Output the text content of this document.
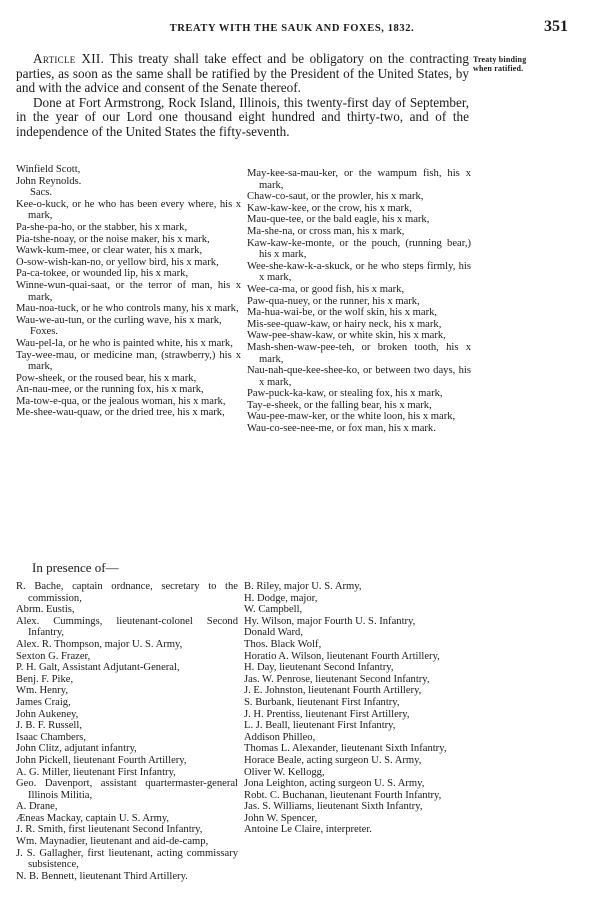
TREATY WITH THE SAUK AND FOXES, 1832.	351
Treaty binding
when ratified.

Article XII. This treaty shall take effect and be obligatory on the contracting parties, as soon as the same shall be ratified by the President of the United States, by and with the advice and consent of the Senate thereof.

Done at Fort Armstrong, Rock Island, Illinois, this twenty-first day of September, in the year of our Lord one thousand eight hundred and thirty-two, and of the independence of the United States the fifty-seventh.

Winfield Scott,
John Reynolds.
Sacs.
Kee-o-kuck, or he who has been every where, his x mark,
Pa-she-pa-ho, or the stabber, his x mark,
Pia-tshe-noay, or the noise maker, his x mark,
Wawk-kum-mee, or clear water, his x mark,
O-sow-wish-kan-no, or yellow bird, his x mark,
Pa-ca-tokee, or wounded lip, his x mark,
Winne-wun-quai-saat, or the terror of man, his x mark,
Mau-noa-tuck, or he who controls many, his x mark,
Wau-we-au-tun, or the curling wave, his x mark,
Foxes.
Wau-pel-la, or he who is painted white, his x mark,
Tay-wee-mau, or medicine man, (strawberry,) his x mark,
Pow-sheek, or the roused bear, his x mark,
An-nau-mee, or the running fox, his x mark,
Ma-tow-e-qua, or the jealous woman, his x mark,
Me-shee-wau-quaw, or the dried tree, his x mark,
May-kee-sa-mau-ker, or the wampum fish, his x mark,
Chaw-co-saut, or the prowler, his x mark,
Kaw-kaw-kee, or the crow, his x mark,
Mau-que-tee, or the bald eagle, his x mark,
Ma-she-na, or cross man, his x mark,
Kaw-kaw-ke-monte, or the pouch, (running bear,) his x mark,
Wee-she-kaw-k-a-skuck, or he who steps firmly, his x mark,
Wee-ca-ma, or good fish, his x mark,
Paw-qua-nuey, or the runner, his x mark,
Ma-hua-wai-be, or the wolf skin, his x mark,
Mis-see-quaw-kaw, or hairy neck, his x mark,
Waw-pee-shaw-kaw, or white skin, his x mark,
Mash-shen-waw-pee-teh, or broken tooth, his x mark,
Nau-nah-que-kee-shee-ko, or between two days, his x mark,
Paw-puck-ka-kaw, or stealing fox, his x mark,
Tay-e-sheek, or the falling bear, his x mark,
Wau-pee-maw-ker, or the white loon, his x mark,
Wau-co-see-nee-me, or fox man, his x mark.
In presence of—
R. Bache, captain ordnance, secretary to the commission,
Abrm. Eustis,
Alex. Cummings, lieutenant-colonel Second Infantry,
Alex. R. Thompson, major U. S. Army,
Sexton G. Frazer,
P. H. Galt, Assistant Adjutant-General,
Benj. F. Pike,
Wm. Henry,
James Craig,
John Aukeney,
J. B. F. Russell,
Isaac Chambers,
John Clitz, adjutant infantry,
John Pickell, lieutenant Fourth Artillery,
A. G. Miller, lieutenant First Infantry,
Geo. Davenport, assistant quartermaster-general Illinois Militia,
A. Drane,
Æneas Mackay, captain U. S. Army,
J. R. Smith, first lieutenant Second Infantry,
Wm. Maynadier, lieutenant and aid-de-camp,
J. S. Gallagher, first lieutenant, acting commissary subsistence,
N. B. Bennett, lieutenant Third Artillery.
B. Riley, major U. S. Army,
H. Dodge, major,
W. Campbell,
Hy. Wilson, major Fourth U. S. Infantry,
Donald Ward,
Thos. Black Wolf,
Horatio A. Wilson, lieutenant Fourth Artillery,
H. Day, lieutenant Second Infantry,
Jas. W. Penrose, lieutenant Second Infantry,
J. E. Johnston, lieutenant Fourth Artillery,
S. Burbank, lieutenant First Infantry,
J. H. Prentiss, lieutenant First Artillery,
L. J. Beall, lieutenant First Infantry,
Addison Philleo,
Thomas L. Alexander, lieutenant Sixth Infantry,
Horace Beale, acting surgeon U. S. Army,
Oliver W. Kellogg,
Jona Leighton, acting surgeon U. S. Army,
Robt. C. Buchanan, lieutenant Fourth Infantry,
Jas. S. Williams, lieutenant Sixth Infantry,
John W. Spencer,
Antoine Le Claire, interpreter.
